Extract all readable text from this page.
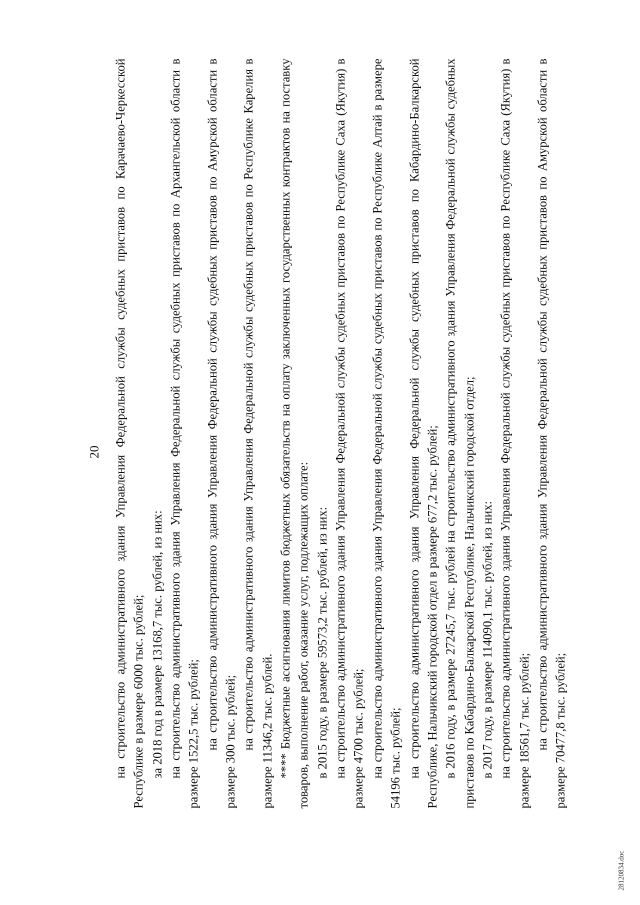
20 на строительство административного здания Управления Федеральной службы судебных приставов по Карачаево-Черкесской Республике в размере 6000 тыс. рублей; за 2018 год в размере 13168,7 тыс. рублей, из них: на строительство административного здания Управления Федеральной службы судебных приставов по Архангельской области в размере 1522,5 тыс. рублей; на строительство административного здания Управления Федеральной службы судебных приставов по Амурской области в размере 300 тыс. рублей; на строительство административного здания Управления Федеральной службы судебных приставов по Республике Карелия в размере 11346,2 тыс. рублей. **** Бюджетные ассигнования лимитов бюджетных обязательств на оплату заключенных государственных контрактов на поставку товаров, выполнение работ, оказание услуг, подлежащих оплате: в 2015 году, в размере 59573,2 тыс. рублей, из них: на строительство административного здания Управления Федеральной службы судебных приставов по Республике Саха (Якутия) в размере 4700 тыс. рублей; на строительство административного здания Управления Федеральной службы судебных приставов по Республике Алтай в размере 54196 тыс. рублей; на строительство административного здания Управления Федеральной службы судебных приставов по Кабардино-Балкарской Республике, Нальчикский городской отдел в размере 677,2 тыс. рублей; в 2016 году, в размере 27245,7 тыс. рублей на строительство административного здания Управления Федеральной службы судебных приставов по Кабардино-Балкарской Республике, Нальчикский городской отдел; в 2017 году, в размере 114090,1 тыс. рублей, из них: на строительство административного здания Управления Федеральной службы судебных приставов по Республике Саха (Якутия) в размере 18561,7 тыс. рублей; на строительство административного здания Управления Федеральной службы судебных приставов по Амурской области в размере 70477,8 тыс. рублей;

28120834.doc
